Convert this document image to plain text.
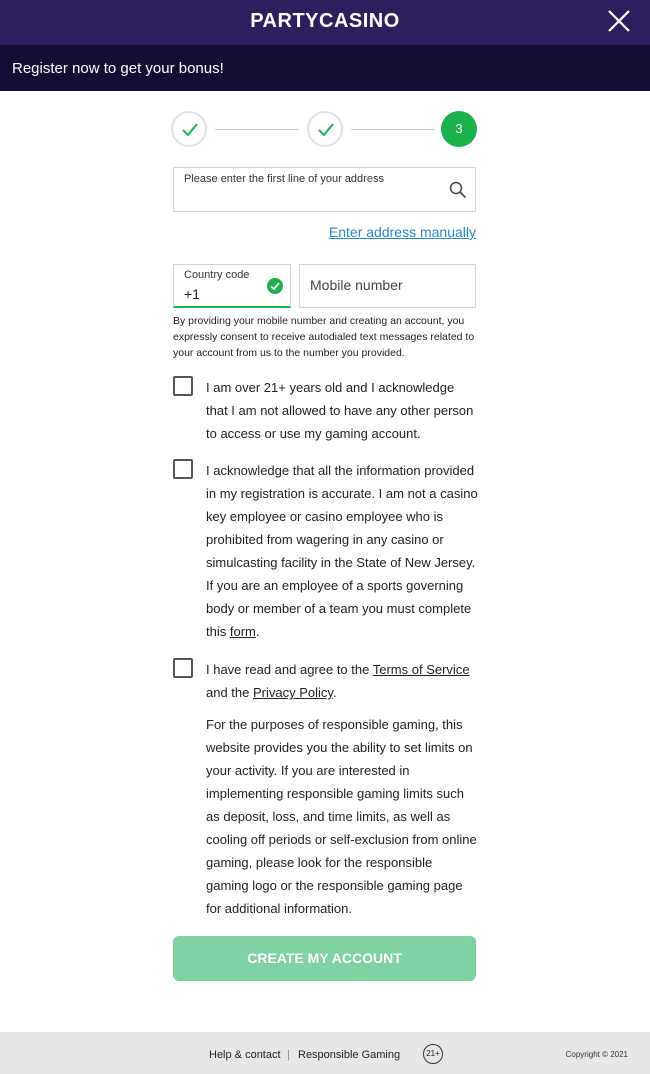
PARTYCASINO
Register now to get your bonus!
3
Please enter the first line of your address
Enter address manually
Country code
+1
Mobile number
By providing your mobile number and creating an account, you expressly consent to receive autodialed text messages related to your account from us to the number you provided.
I am over 21+ years old and I acknowledge that I am not allowed to have any other person to access or use my gaming account.
I acknowledge that all the information provided in my registration is accurate. I am not a casino key employee or casino employee who is prohibited from wagering in any casino or simulcasting facility in the State of New Jersey. If you are an employee of a sports governing body or member of a team you must complete this form.
I have read and agree to the Terms of Service and the Privacy Policy.
For the purposes of responsible gaming, this website provides you the ability to set limits on your activity. If you are interested in implementing responsible gaming limits such as deposit, loss, and time limits, as well as cooling off periods or self-exclusion from online gaming, please look for the responsible gaming logo or the responsible gaming page for additional information.
CREATE MY ACCOUNT
Help & contact | Responsible Gaming	21+	Copyright © 2021
